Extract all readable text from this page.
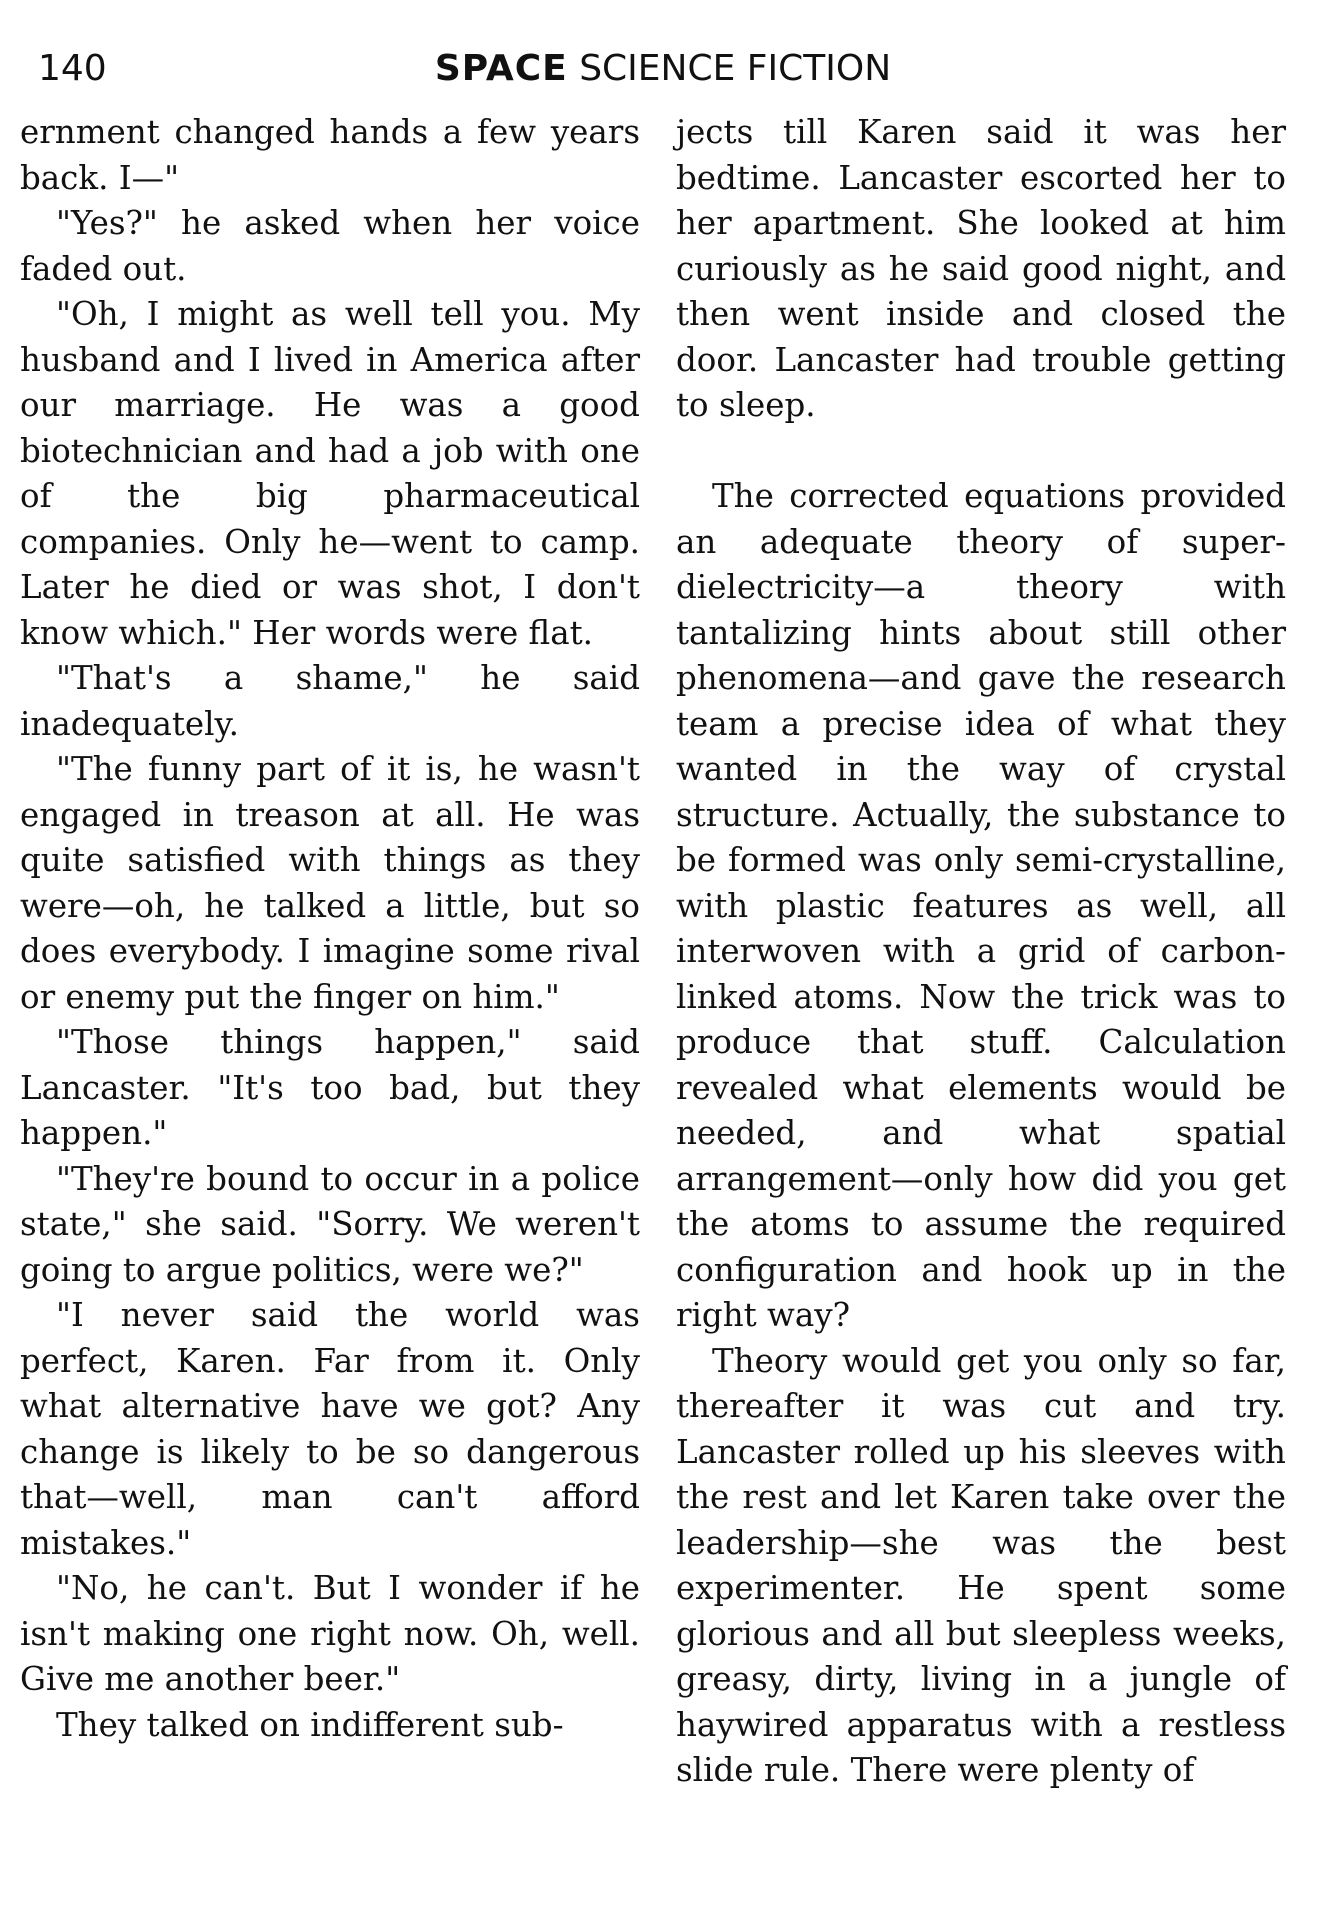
140	SPACE SCIENCE FICTION

ernment changed hands a few years back. I—"

"Yes?" he asked when her voice faded out.

"Oh, I might as well tell you. My husband and I lived in America after our marriage. He was a good biotechnician and had a job with one of the big pharmaceutical companies. Only he—went to camp. Later he died or was shot, I don't know which." Her words were flat.

"That's a shame," he said inadequately.

"The funny part of it is, he wasn't engaged in treason at all. He was quite satisfied with things as they were—oh, he talked a little, but so does everybody. I imagine some rival or enemy put the finger on him."

"Those things happen," said Lancaster. "It's too bad, but they happen."

"They're bound to occur in a police state," she said. "Sorry. We weren't going to argue politics, were we?"

"I never said the world was perfect, Karen. Far from it. Only what alternative have we got? Any change is likely to be so dangerous that—well, man can't afford mistakes."

"No, he can't. But I wonder if he isn't making one right now. Oh, well. Give me another beer."

They talked on indifferent sub-

jects till Karen said it was her bedtime. Lancaster escorted her to her apartment. She looked at him curiously as he said good night, and then went inside and closed the door. Lancaster had trouble getting to sleep.

The corrected equations provided an adequate theory of super-dielectricity—a theory with tantalizing hints about still other phenomena—and gave the research team a precise idea of what they wanted in the way of crystal structure. Actually, the substance to be formed was only semi-crystalline, with plastic features as well, all interwoven with a grid of carbon-linked atoms. Now the trick was to produce that stuff. Calculation revealed what elements would be needed, and what spatial arrangement—only how did you get the atoms to assume the required configuration and hook up in the right way?

Theory would get you only so far, thereafter it was cut and try. Lancaster rolled up his sleeves with the rest and let Karen take over the leadership—she was the best experimenter. He spent some glorious and all but sleepless weeks, greasy, dirty, living in a jungle of haywired apparatus with a restless slide rule. There were plenty of
